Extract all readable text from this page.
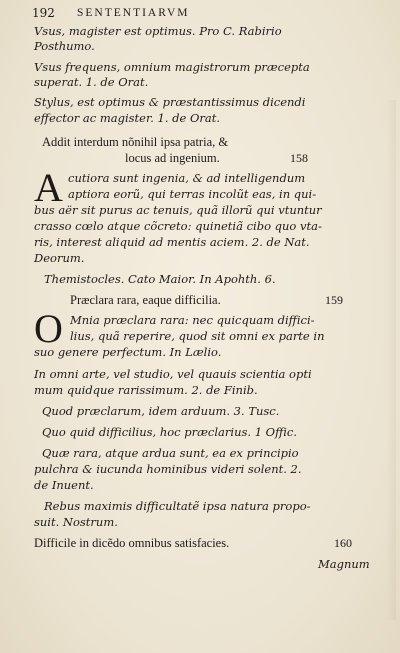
192 SENTENTIARVM
Vsus, magister est optimus. Pro C. Rabirio
Posthumo.
Vsus frequens, omnium magistrorum præcepta
superat. 1. de Orat.
Stylus, est optimus & præstantissimus dicendi
effector ac magister. 1. de Orat.
Addit interdum nõnihil ipsa patria, &
locus ad ingenium.	158
A cutiora sunt ingenia, & ad intelligendum
aptiora eorũ, qui terras incolũt eas, in qui-
bus aër sit purus ac tenuis, quã illorũ qui vtuntur
crasso cœlo atque cõcreto: quinetiã cibo quo vta-
ris, interest aliquid ad mentis aciem. 2. de Nat.
Deorum.
Themistocles. Cato Maior. In Apohth. 6.
Præclara rara, eaque difficilia.	159
O Mnia præclara rara: nec quicquam diffici-
lius, quã reperire, quod sit omni ex parte in
suo genere perfectum. In Lælio.
In omni arte, vel studio, vel quauis scientia opti
mum quidque rarissimum. 2. de Finib.
Quod præclarum, idem arduum. 3. Tusc.
Quo quid difficilius, hoc præclarius. 1 Offic.
Quæ rara, atque ardua sunt, ea ex principio
pulchra & iucunda hominibus videri solent. 2.
de Inuent.
Rebus maximis difficultatẽ ipsa natura propo-
suit. Nostrum.
Difficile in dicẽdo omnibus satisfacies.	160
Magnum
